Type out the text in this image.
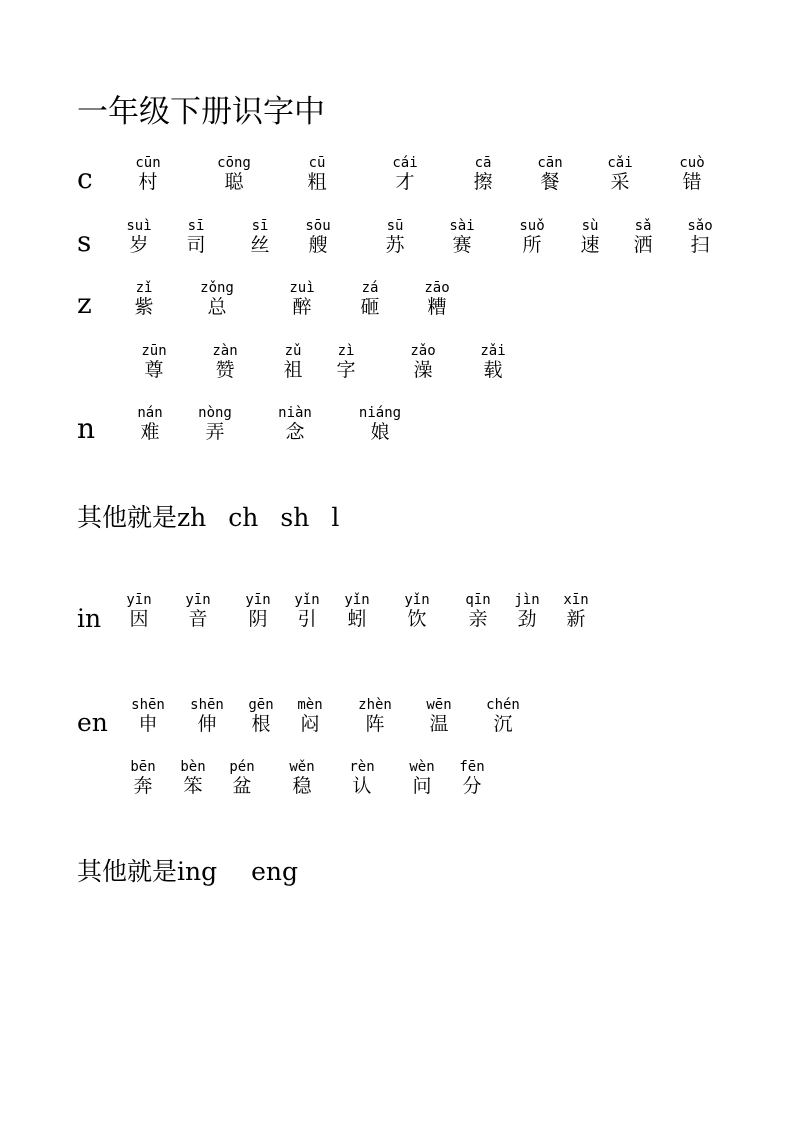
一年级下册识字中
c
s
z
n
in
en
其他就是zh ch sh l
其他就是ing eng
cūn
村
cōng
聪
cū
粗
cái
才
cā
擦
cān
餐
cǎi
采
cuò
错
suì
岁
sī
司
sī
丝
sōu
艘
sū
苏
sài
赛
suǒ
所
sù
速
sǎ
洒
sǎo
扫
zǐ
紫
zǒng
总
zuì
醉
zá
砸
zāo
糟
zūn
尊
zàn
赞
zǔ
祖
zì
字
zǎo
澡
zǎi
载
nán
难
nòng
弄
niàn
念
niáng
娘
yīn
因
yīn
音
yīn
阴
yǐn
引
yǐn
蚓
yǐn
饮
qīn
亲
jìn
劲
xīn
新
shēn
申
shēn
伸
gēn
根
mèn
闷
zhèn
阵
wēn
温
chén
沉
bēn
奔
bèn
笨
pén
盆
wěn
稳
rèn
认
wèn
问
fēn
分
